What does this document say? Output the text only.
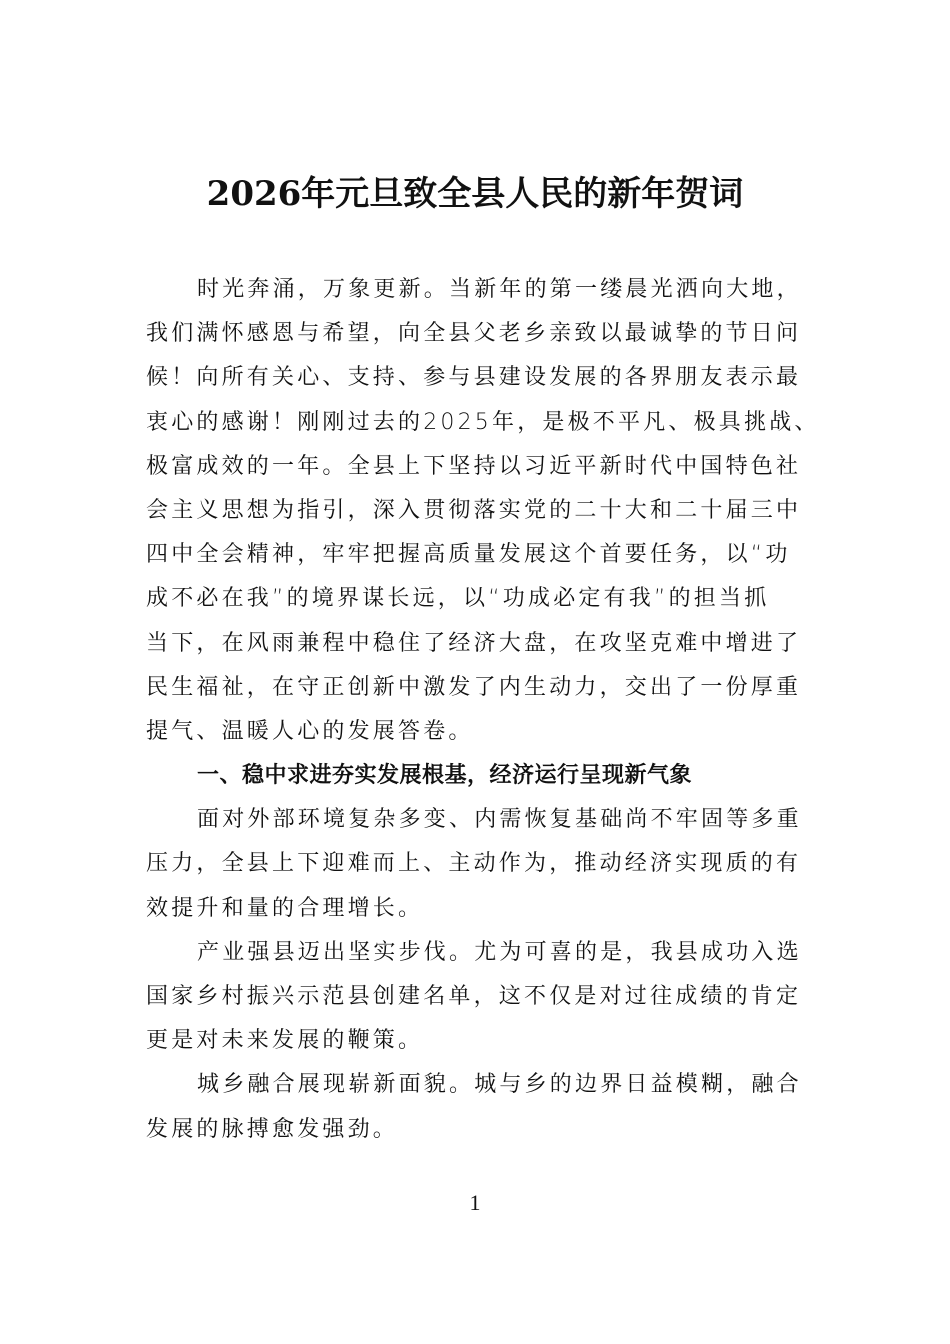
2026年元旦致全县人民的新年贺词
时光奔涌，万象更新。当新年的第一缕晨光洒向大地，
我们满怀感恩与希望，向全县父老乡亲致以最诚挚的节日问
候！向所有关心、支持、参与县建设发展的各界朋友表示最
衷心的感谢！刚刚过去的2025年，是极不平凡、极具挑战、
极富成效的一年。全县上下坚持以习近平新时代中国特色社
会主义思想为指引，深入贯彻落实党的二十大和二十届三中
四中全会精神，牢牢把握高质量发展这个首要任务，以“功
成不必在我”的境界谋长远，以“功成必定有我”的担当抓
当下，在风雨兼程中稳住了经济大盘，在攻坚克难中增进了
民生福祉，在守正创新中激发了内生动力，交出了一份厚重
提气、温暖人心的发展答卷。
一、稳中求进夯实发展根基，经济运行呈现新气象
面对外部环境复杂多变、内需恢复基础尚不牢固等多重
压力，全县上下迎难而上、主动作为，推动经济实现质的有
效提升和量的合理增长。
产业强县迈出坚实步伐。尤为可喜的是，我县成功入选
国家乡村振兴示范县创建名单，这不仅是对过往成绩的肯定
更是对未来发展的鞭策。
城乡融合展现崭新面貌。城与乡的边界日益模糊，融合
发展的脉搏愈发强劲。
1
